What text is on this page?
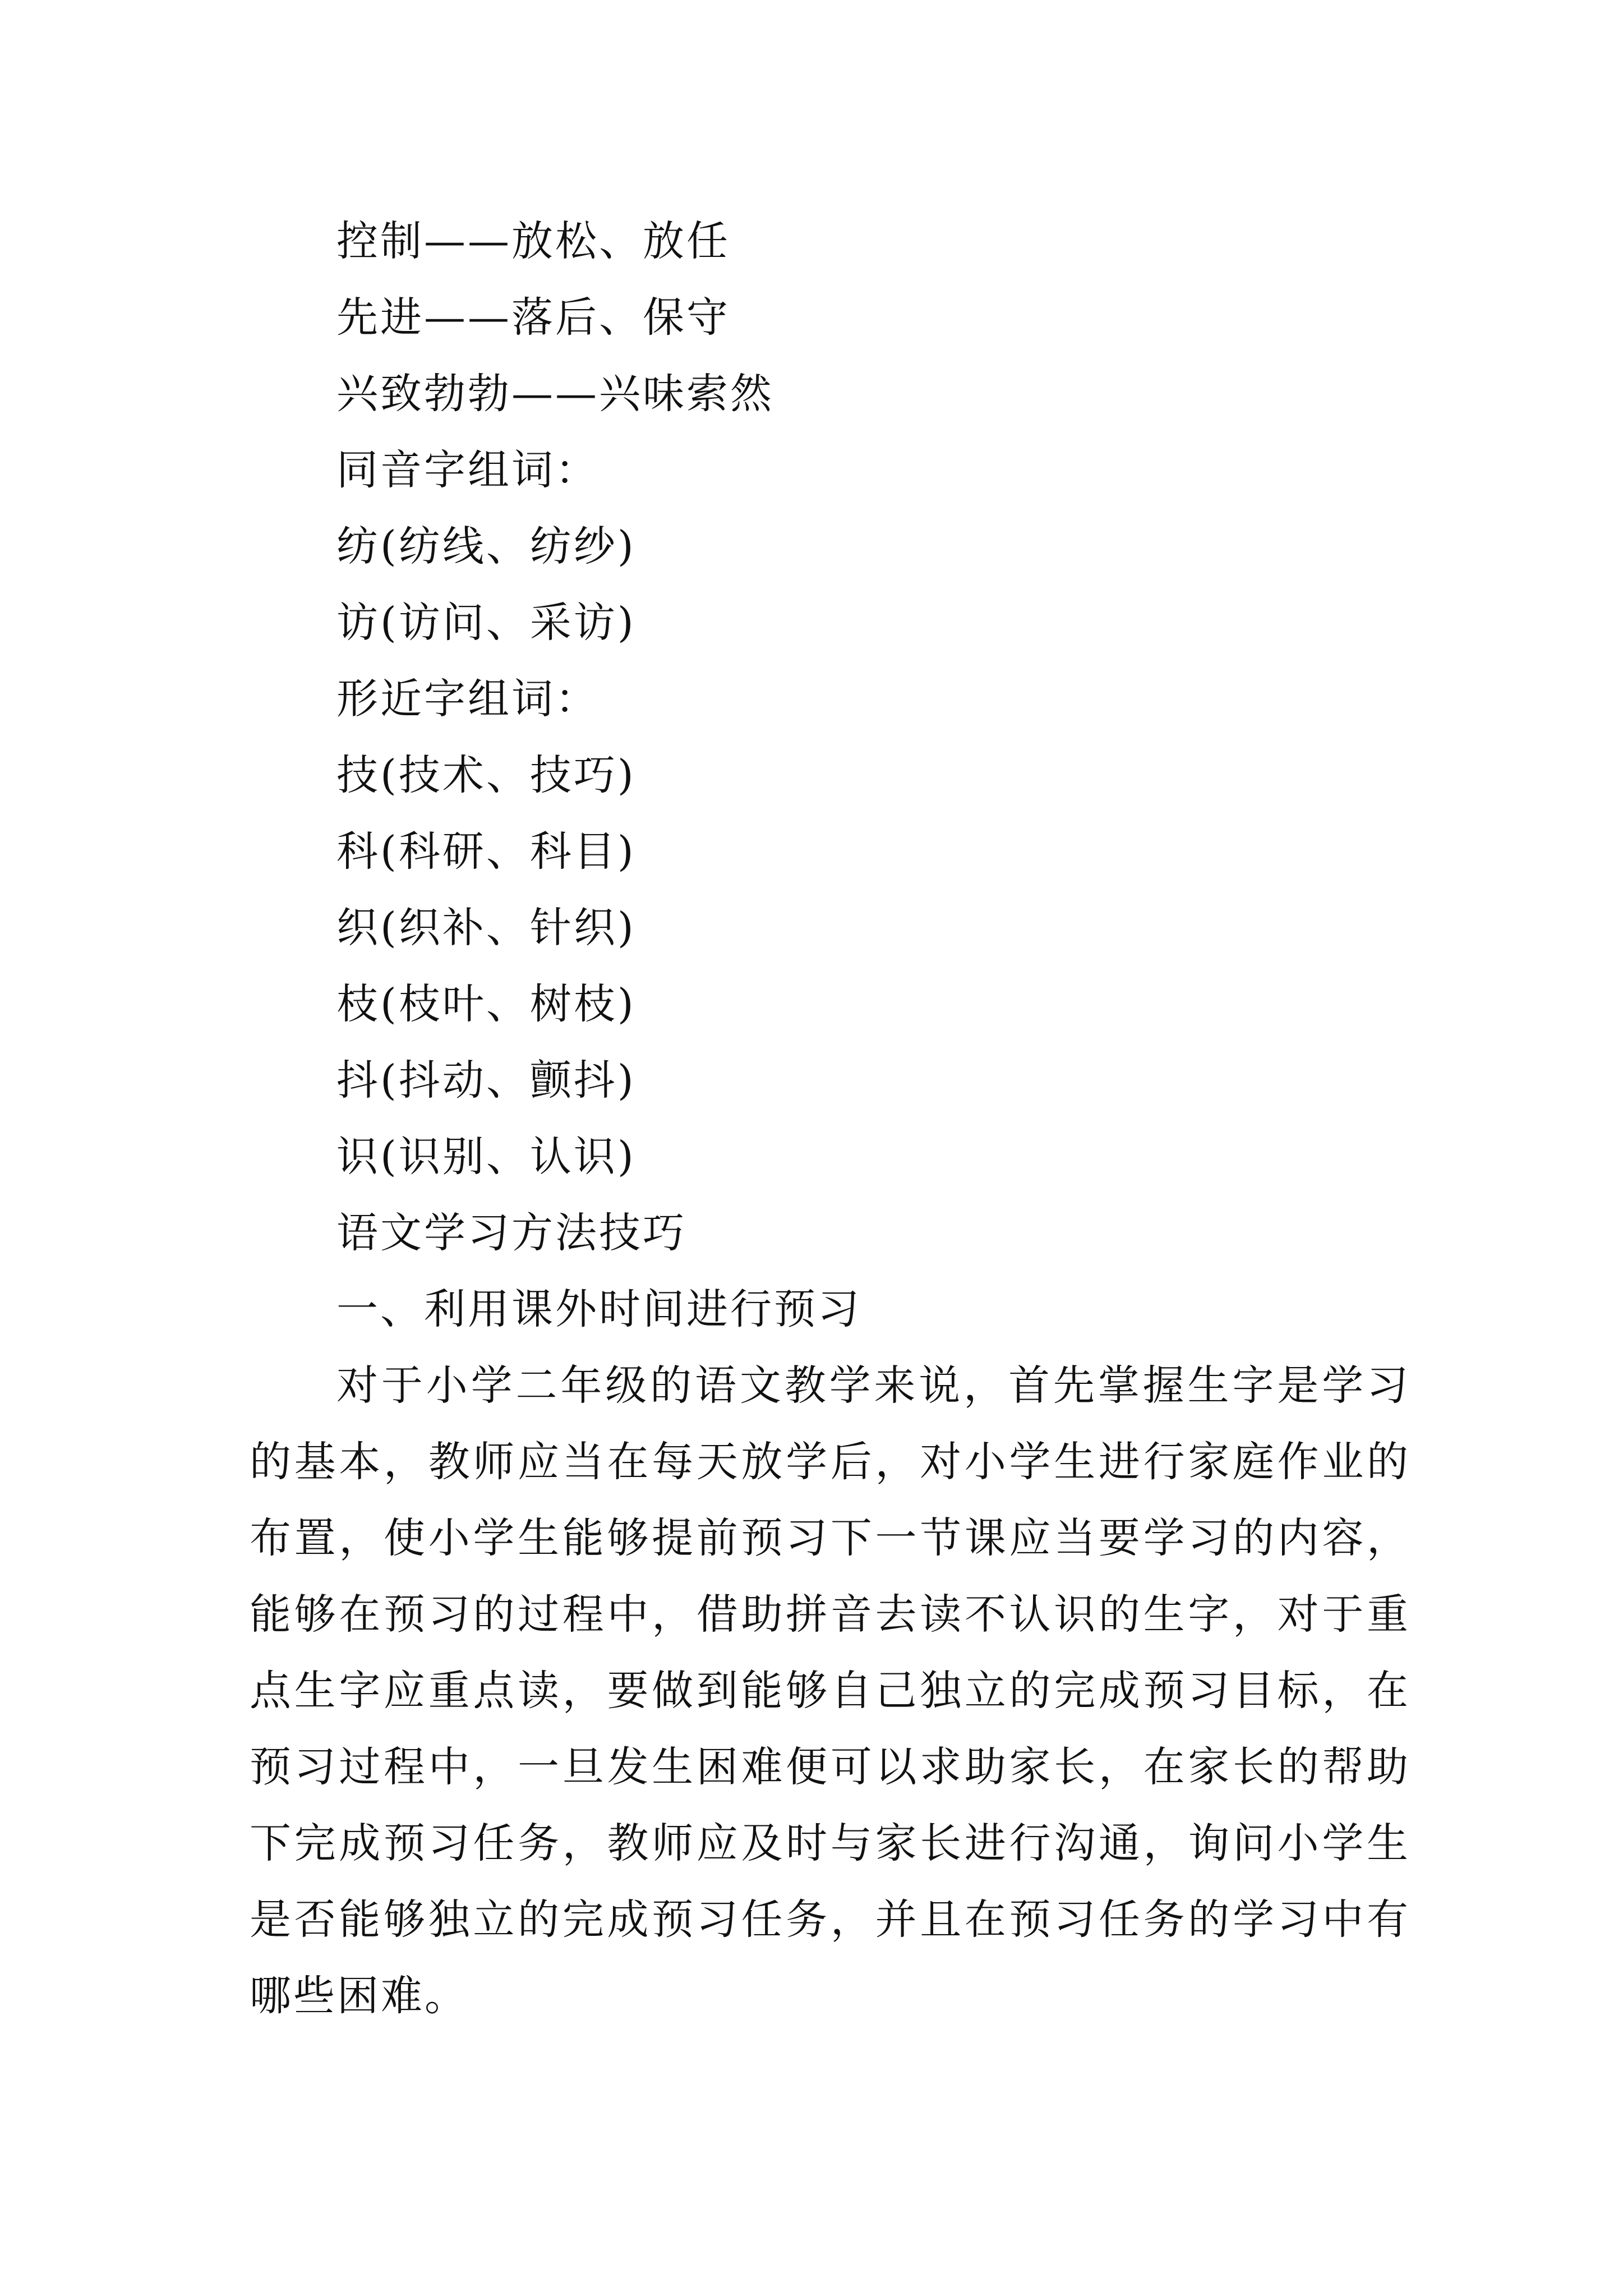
控制——放松、放任

先进——落后、保守

兴致勃勃——兴味索然

同音字组词：

纺(纺线、纺纱)

访(访问、采访)

形近字组词：

技(技术、技巧)

科(科研、科目)

织(织补、针织)

枝(枝叶、树枝)

抖(抖动、颤抖)

识(识别、认识)

语文学习方法技巧

一、利用课外时间进行预习

对于小学二年级的语文教学来说，首先掌握生字是学习的基本，教师应当在每天放学后，对小学生进行家庭作业的布置，使小学生能够提前预习下一节课应当要学习的内容，能够在预习的过程中，借助拼音去读不认识的生字，对于重点生字应重点读，要做到能够自己独立的完成预习目标，在预习过程中，一旦发生困难便可以求助家长，在家长的帮助下完成预习任务，教师应及时与家长进行沟通，询问小学生是否能够独立的完成预习任务，并且在预习任务的学习中有哪些困难。
